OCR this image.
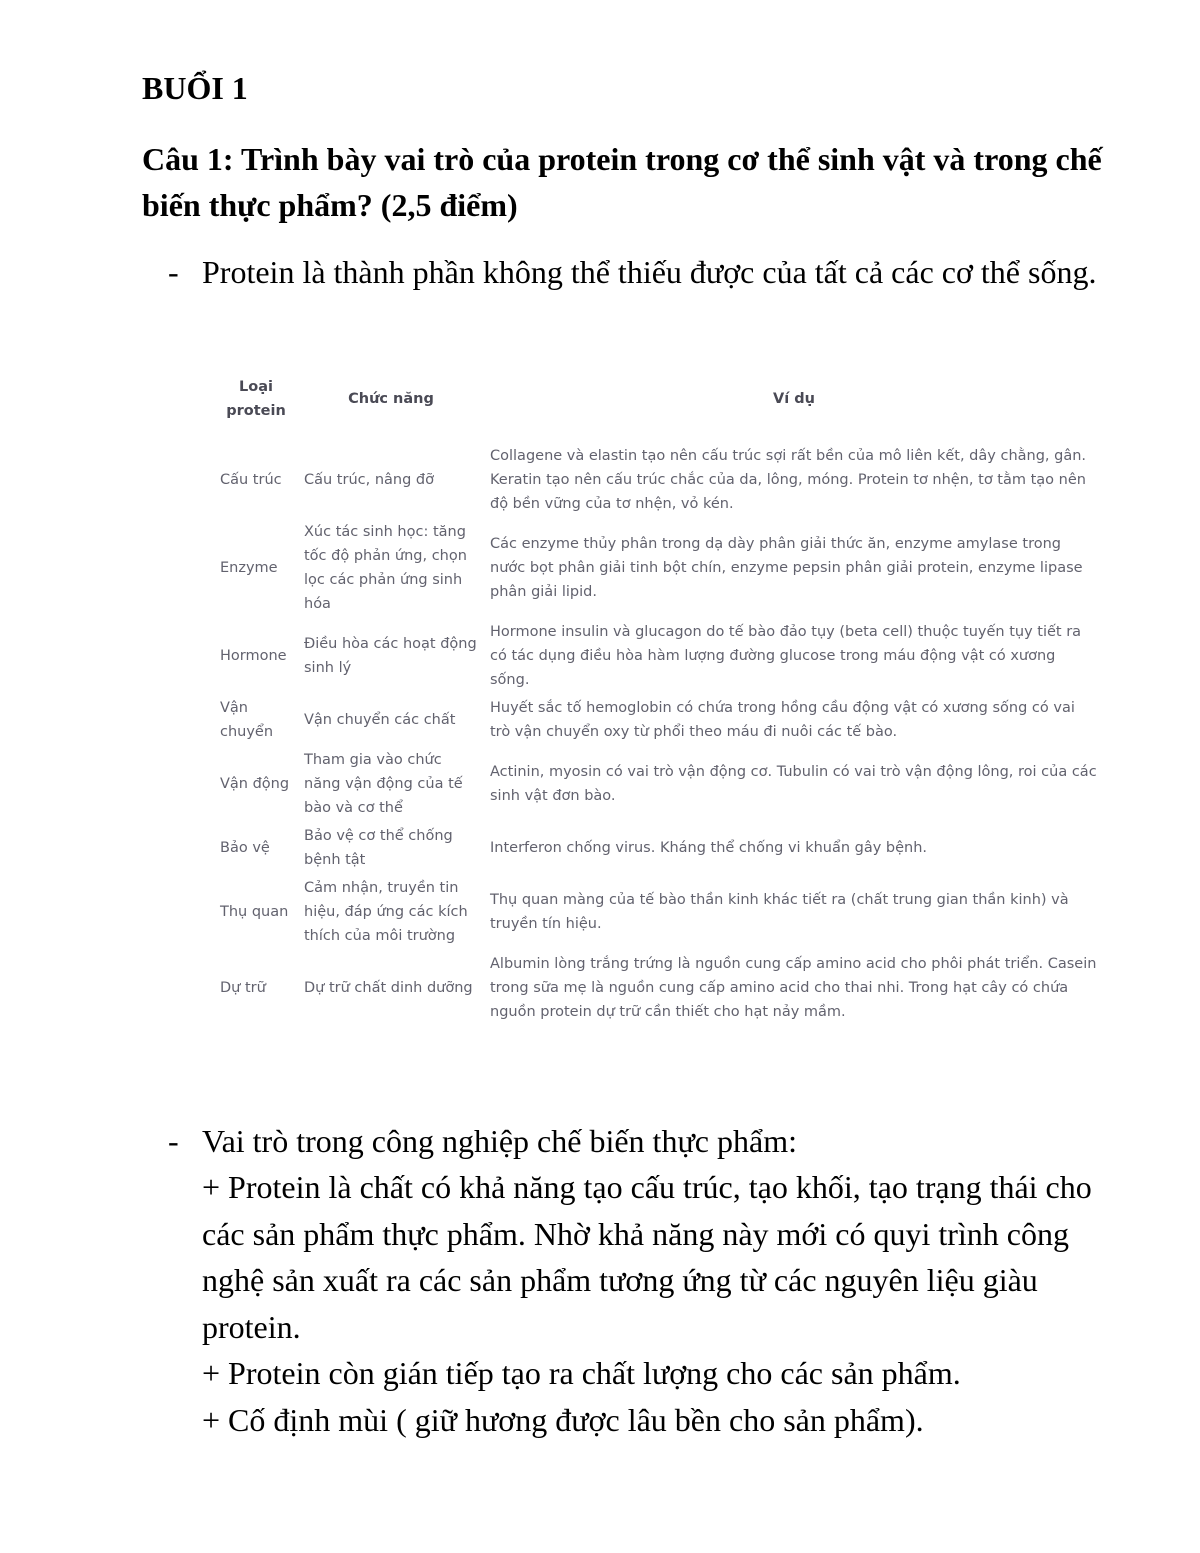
BUỔI 1
Câu 1: Trình bày vai trò của protein trong cơ thể sinh vật và trong chế biến thực phẩm? (2,5 điểm)
- Protein là thành phần không thể thiếu được của tất cả các cơ thể sống.

Loại protein	Chức năng	Ví dụ

Cấu trúc	Cấu trúc, nâng đỡ	Collagene và elastin tạo nên cấu trúc sợi rất bền của mô liên kết, dây chằng, gân. Keratin tạo nên cấu trúc chắc của da, lông, móng. Protein tơ nhện, tơ tằm tạo nên độ bền vững của tơ nhện, vỏ kén.
Enzyme	Xúc tác sinh học: tăng tốc độ phản ứng, chọn lọc các phản ứng sinh hóa	Các enzyme thủy phân trong dạ dày phân giải thức ăn, enzyme amylase trong nước bọt phân giải tinh bột chín, enzyme pepsin phân giải protein, enzyme lipase phân giải lipid.
Hormone	Điều hòa các hoạt động sinh lý	Hormone insulin và glucagon do tế bào đảo tụy (beta cell) thuộc tuyến tụy tiết ra có tác dụng điều hòa hàm lượng đường glucose trong máu động vật có xương sống.
Vận chuyển	Vận chuyển các chất	Huyết sắc tố hemoglobin có chứa trong hồng cầu động vật có xương sống có vai trò vận chuyển oxy từ phổi theo máu đi nuôi các tế bào.
Vận động	Tham gia vào chức năng vận động của tế bào và cơ thể	Actinin, myosin có vai trò vận động cơ. Tubulin có vai trò vận động lông, roi của các sinh vật đơn bào.
Bảo vệ	Bảo vệ cơ thể chống bệnh tật	Interferon chống virus. Kháng thể chống vi khuẩn gây bệnh.
Thụ quan	Cảm nhận, truyền tin hiệu, đáp ứng các kích thích của môi trường	Thụ quan màng của tế bào thần kinh khác tiết ra (chất trung gian thần kinh) và truyền tín hiệu.
Dự trữ	Dự trữ chất dinh dưỡng	Albumin lòng trắng trứng là nguồn cung cấp amino acid cho phôi phát triển. Casein trong sữa mẹ là nguồn cung cấp amino acid cho thai nhi. Trong hạt cây có chứa nguồn protein dự trữ cần thiết cho hạt nảy mầm.
- Vai trò trong công nghiệp chế biến thực phẩm:

+ Protein là chất có khả năng tạo cấu trúc, tạo khối, tạo trạng thái cho các sản phẩm thực phẩm. Nhờ khả năng này mới có quyi trình công nghệ sản xuất ra các sản phẩm tương ứng từ các nguyên liệu giàu protein.
+ Protein còn gián tiếp tạo ra chất lượng cho các sản phẩm.
+ Cố định mùi ( giữ hương được lâu bền cho sản phẩm).
